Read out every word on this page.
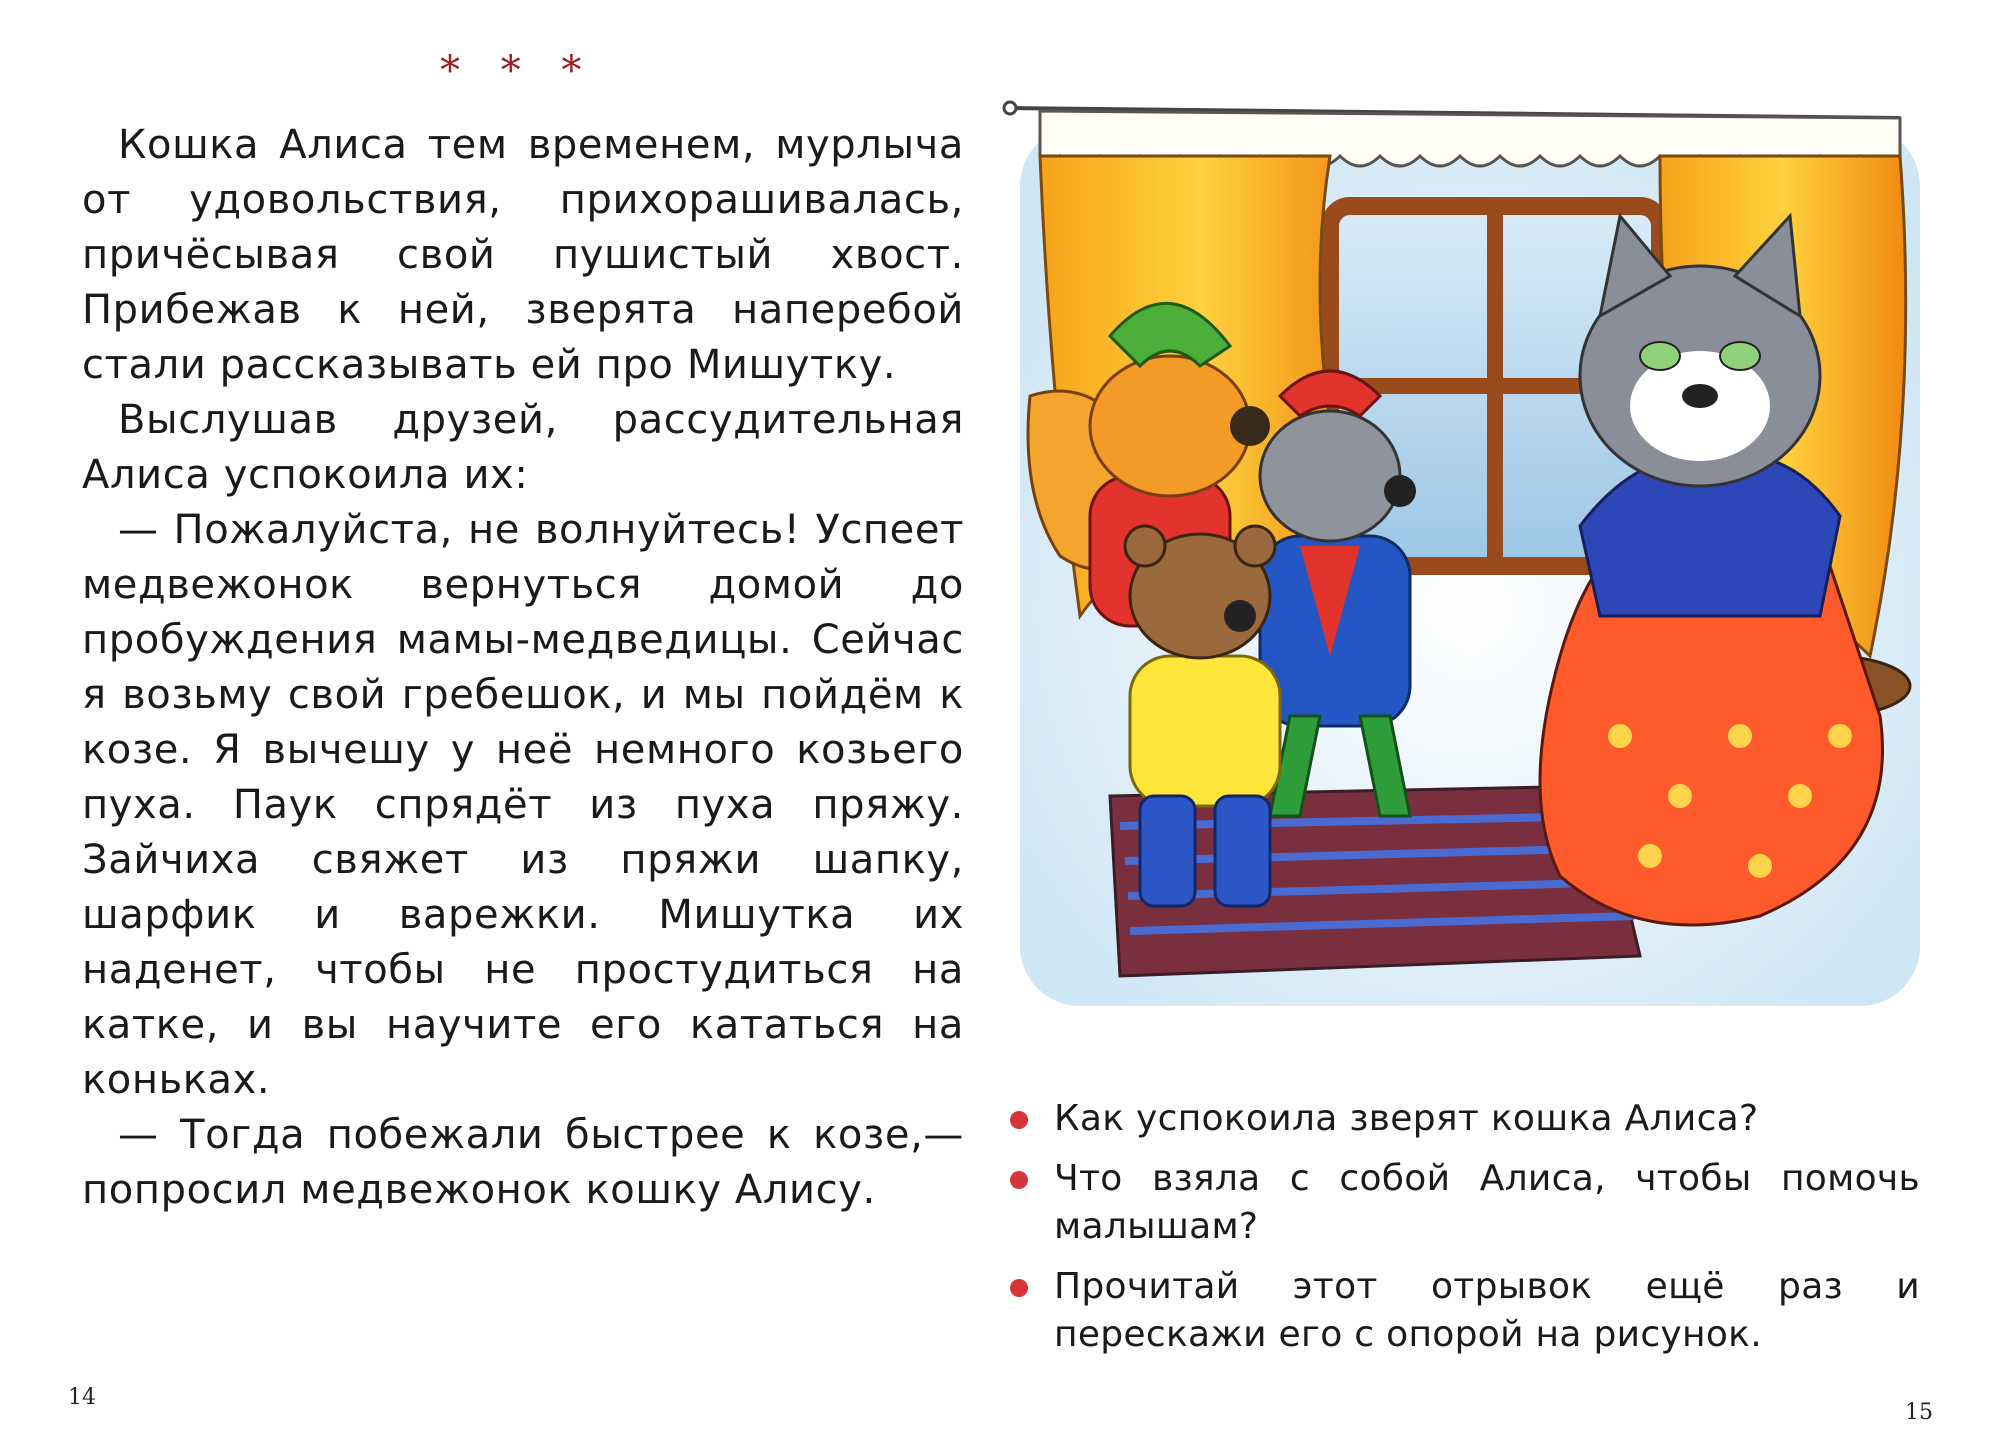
* * *

Кошка Алиса тем временем, мурлыча от удовольствия, прихорашивалась, причёсывая свой пушистый хвост. Прибежав к ней, зверята наперебой стали рассказывать ей про Мишутку.

Выслушав друзей, рассудительная Алиса успокоила их:

— Пожалуйста, не волнуйтесь! Успеет медвежонок вернуться домой до пробуждения мамы-медведицы. Сейчас я возьму свой гребешок, и мы пойдём к козе. Я вычешу у неё немного козьего пуха. Паук спрядёт из пуха пряжу. Зайчиха свяжет из пряжи шапку, шарфик и варежки. Мишутка их наденет, чтобы не простудиться на катке, и вы научите его кататься на коньках.

— Тогда побежали быстрее к козе,— попросил медвежонок кошку Алису.

Как успокоила зверят кошка Алиса?
Что взяла с собой Алиса, чтобы помочь малышам?
Прочитай этот отрывок ещё раз и перескажи его с опорой на рисунок.
14
15
